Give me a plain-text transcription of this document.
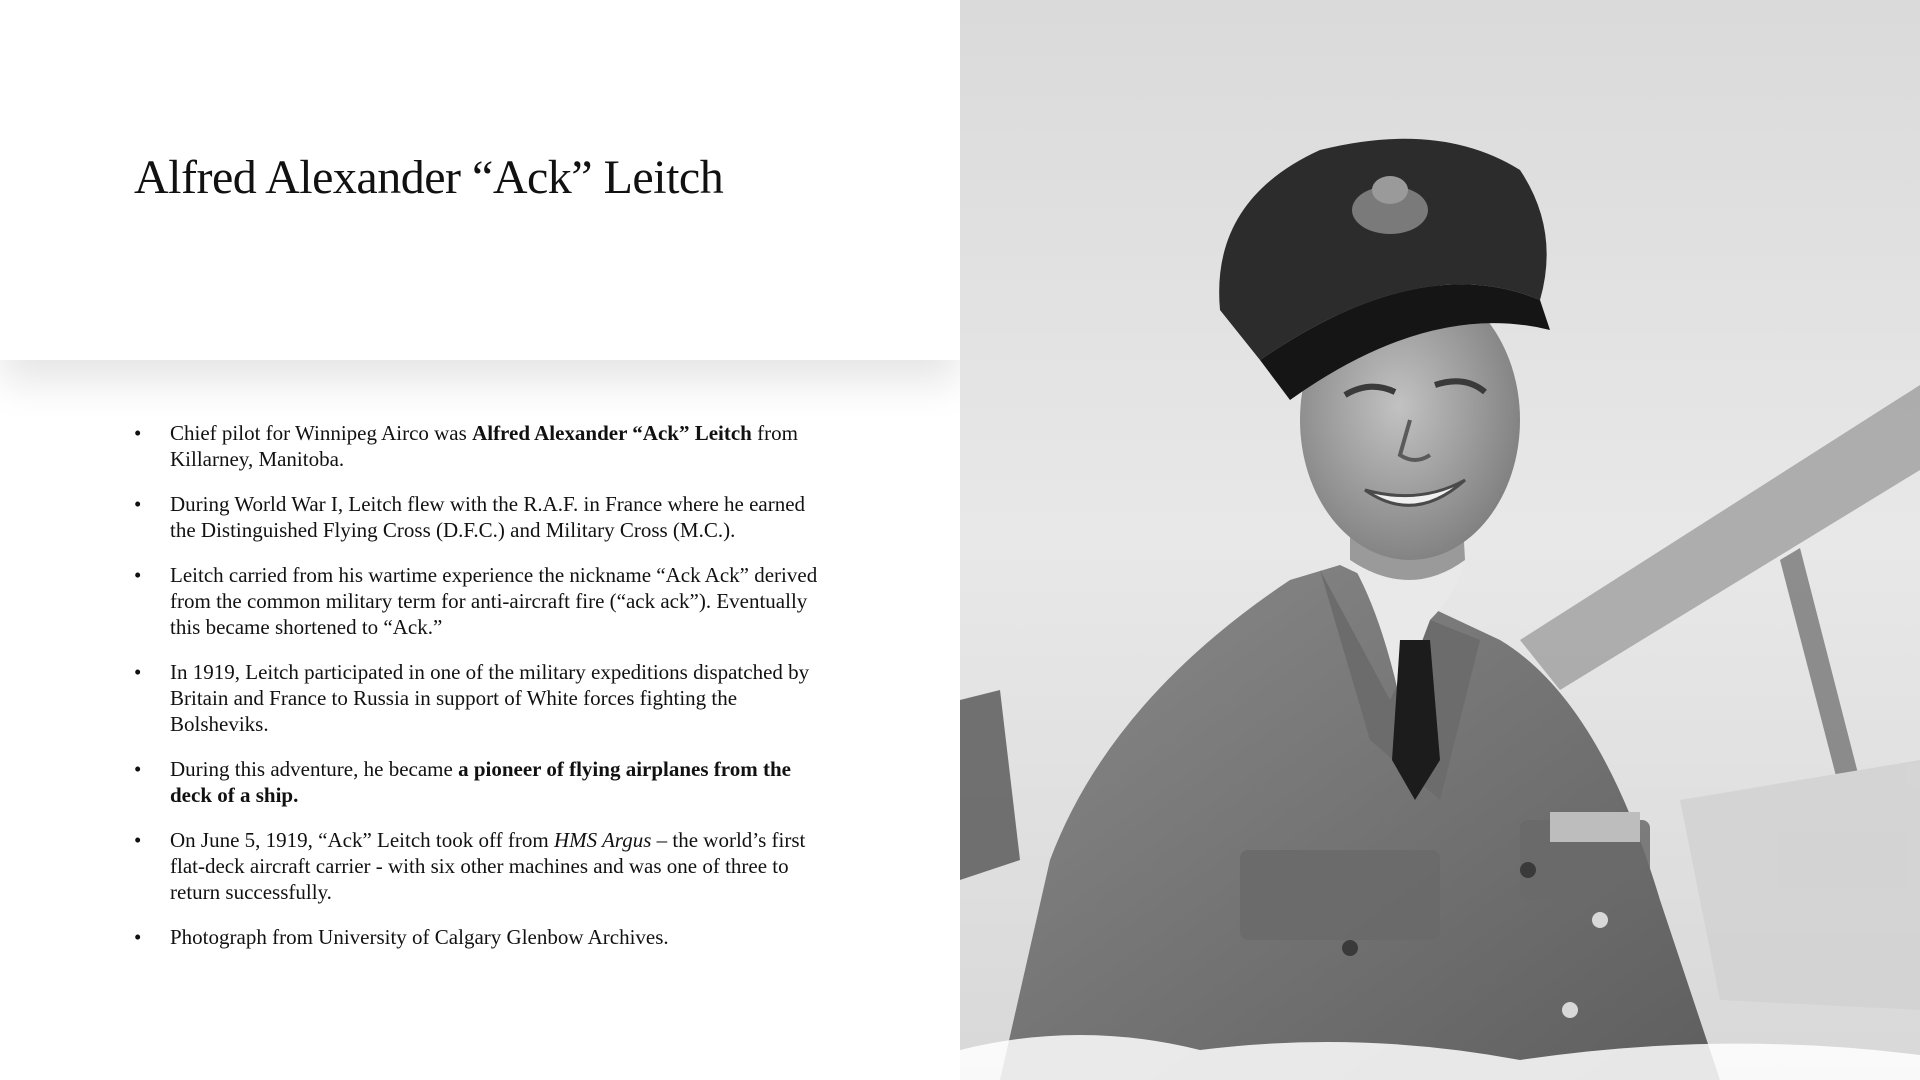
Alfred Alexander “Ack” Leitch
• Chief pilot for Winnipeg Airco was Alfred Alexander “Ack” Leitch from Killarney, Manitoba.
• During World War I, Leitch flew with the R.A.F. in France where he earned the Distinguished Flying Cross (D.F.C.) and Military Cross (M.C.).
• Leitch carried from his wartime experience the nickname “Ack Ack” derived from the common military term for anti-aircraft fire (“ack ack”). Eventually this became shortened to “Ack.”
• In 1919, Leitch participated in one of the military expeditions dispatched by Britain and France to Russia in support of White forces fighting the Bolsheviks.
• During this adventure, he became a pioneer of flying airplanes from the deck of a ship.
• On June 5, 1919, “Ack” Leitch took off from HMS Argus – the world’s first flat-deck aircraft carrier - with six other machines and was one of three to return successfully.
• Photograph from University of Calgary Glenbow Archives.
